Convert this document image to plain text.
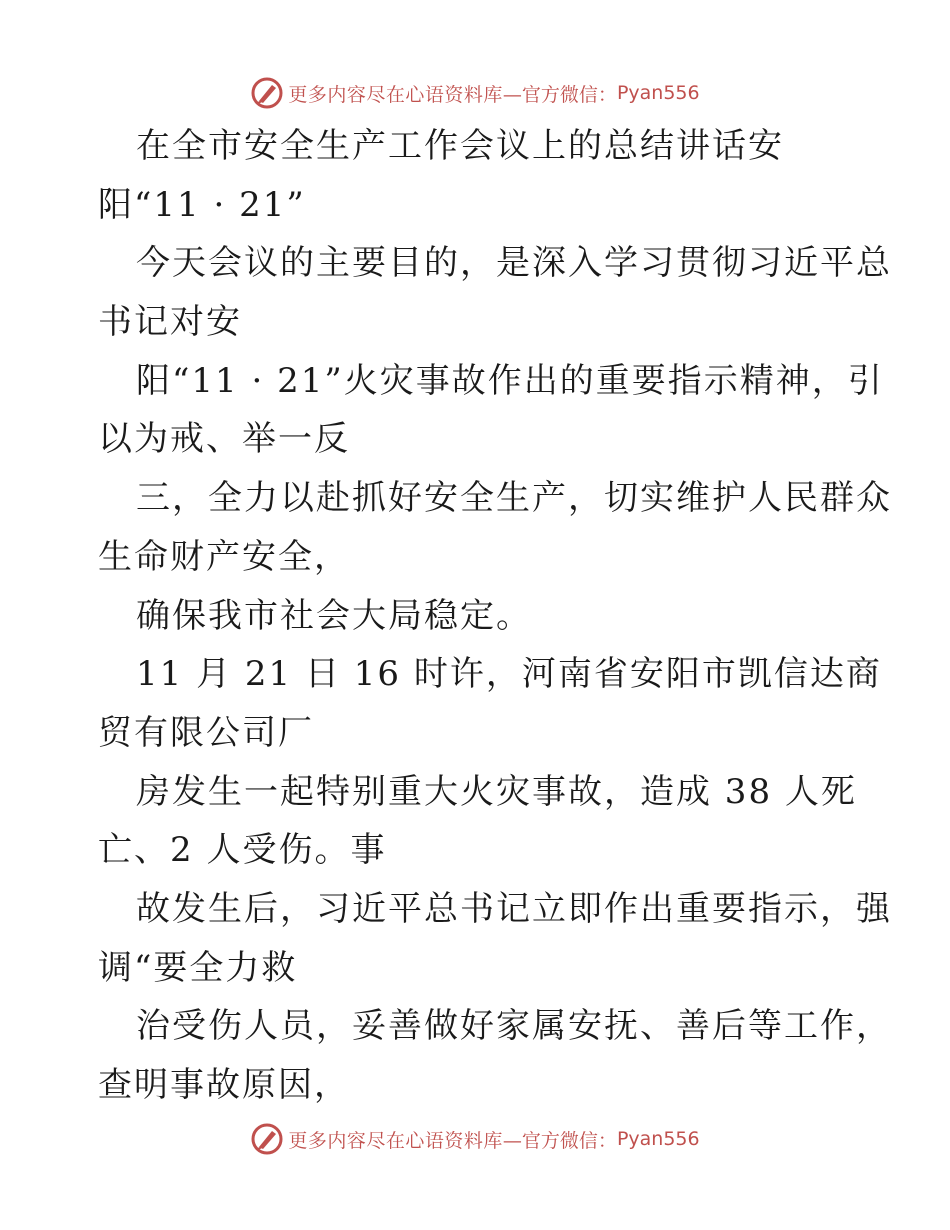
更多内容尽在心语资料库 —官方微信： Pyan556
在全市安全生产工作会议上的总结讲话安
阳“11 · 21”
今天会议的主要目的，是深入学习贯彻习近平总
书记对安
阳“11 · 21”火灾事故作出的重要指示精神，引
以为戒、举一反
三，全力以赴抓好安全生产，切实维护人民群众
生命财产安全，
确保我市社会大局稳定。
11 月 21 日 16 时许，河南省安阳市凯信达商
贸有限公司厂
房发生一起特别重大火灾事故，造成 38 人死
亡、2 人受伤。事
故发生后，习近平总书记立即作出重要指示，强
调“要全力救
治受伤人员，妥善做好家属安抚、善后等工作，
查明事故原因，
更多内容尽在心语资料库 —官方微信： Pyan556
